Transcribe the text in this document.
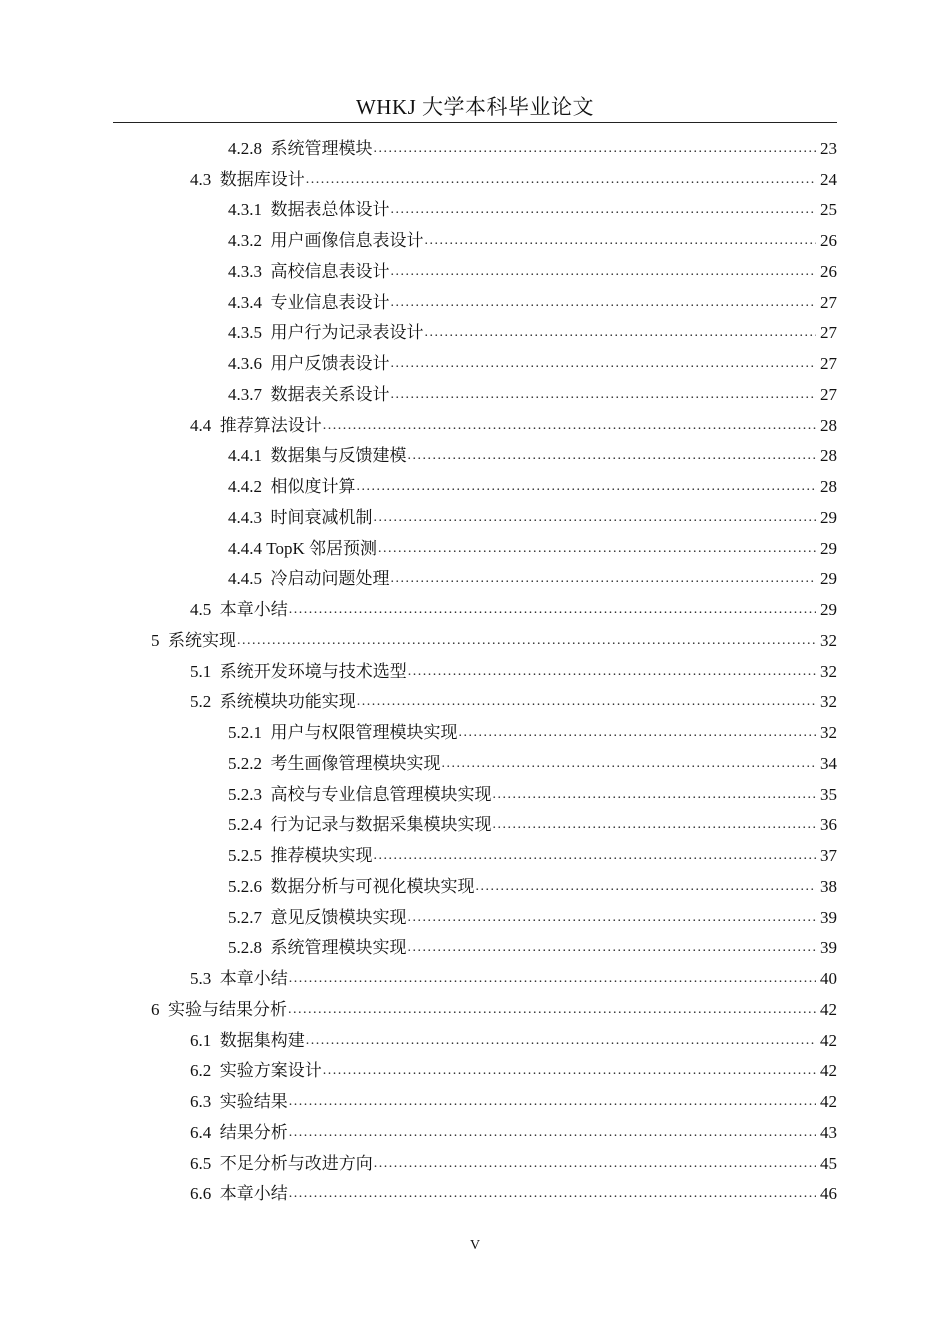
WHKJ 大学本科毕业论文
4.2.8 系统管理模块 .....	23
4.3 数据库设计 .....	24
4.3.1 数据表总体设计 .....	25
4.3.2 用户画像信息表设计 .....	26
4.3.3 高校信息表设计 .....	26
4.3.4 专业信息表设计 .....	27
4.3.5 用户行为记录表设计 .....	27
4.3.6 用户反馈表设计 .....	27
4.3.7 数据表关系设计 .....	27
4.4 推荐算法设计 .....	28
4.4.1 数据集与反馈建模 .....	28
4.4.2 相似度计算 .....	28
4.4.3 时间衰减机制 .....	29
4.4.4 TopK 邻居预测 .....	29
4.4.5 冷启动问题处理 .....	29
4.5 本章小结 .....	29
5 系统实现 .....	32
5.1 系统开发环境与技术选型 .....	32
5.2 系统模块功能实现 .....	32
5.2.1 用户与权限管理模块实现 .....	32
5.2.2 考生画像管理模块实现 .....	34
5.2.3 高校与专业信息管理模块实现 .....	35
5.2.4 行为记录与数据采集模块实现 .....	36
5.2.5 推荐模块实现 .....	37
5.2.6 数据分析与可视化模块实现 .....	38
5.2.7 意见反馈模块实现 .....	39
5.2.8 系统管理模块实现 .....	39
5.3 本章小结 .....	40
6 实验与结果分析 .....	42
6.1 数据集构建 .....	42
6.2 实验方案设计 .....	42
6.3 实验结果 .....	42
6.4 结果分析 .....	43
6.5 不足分析与改进方向 .....	45
6.6 本章小结 .....	46
V
